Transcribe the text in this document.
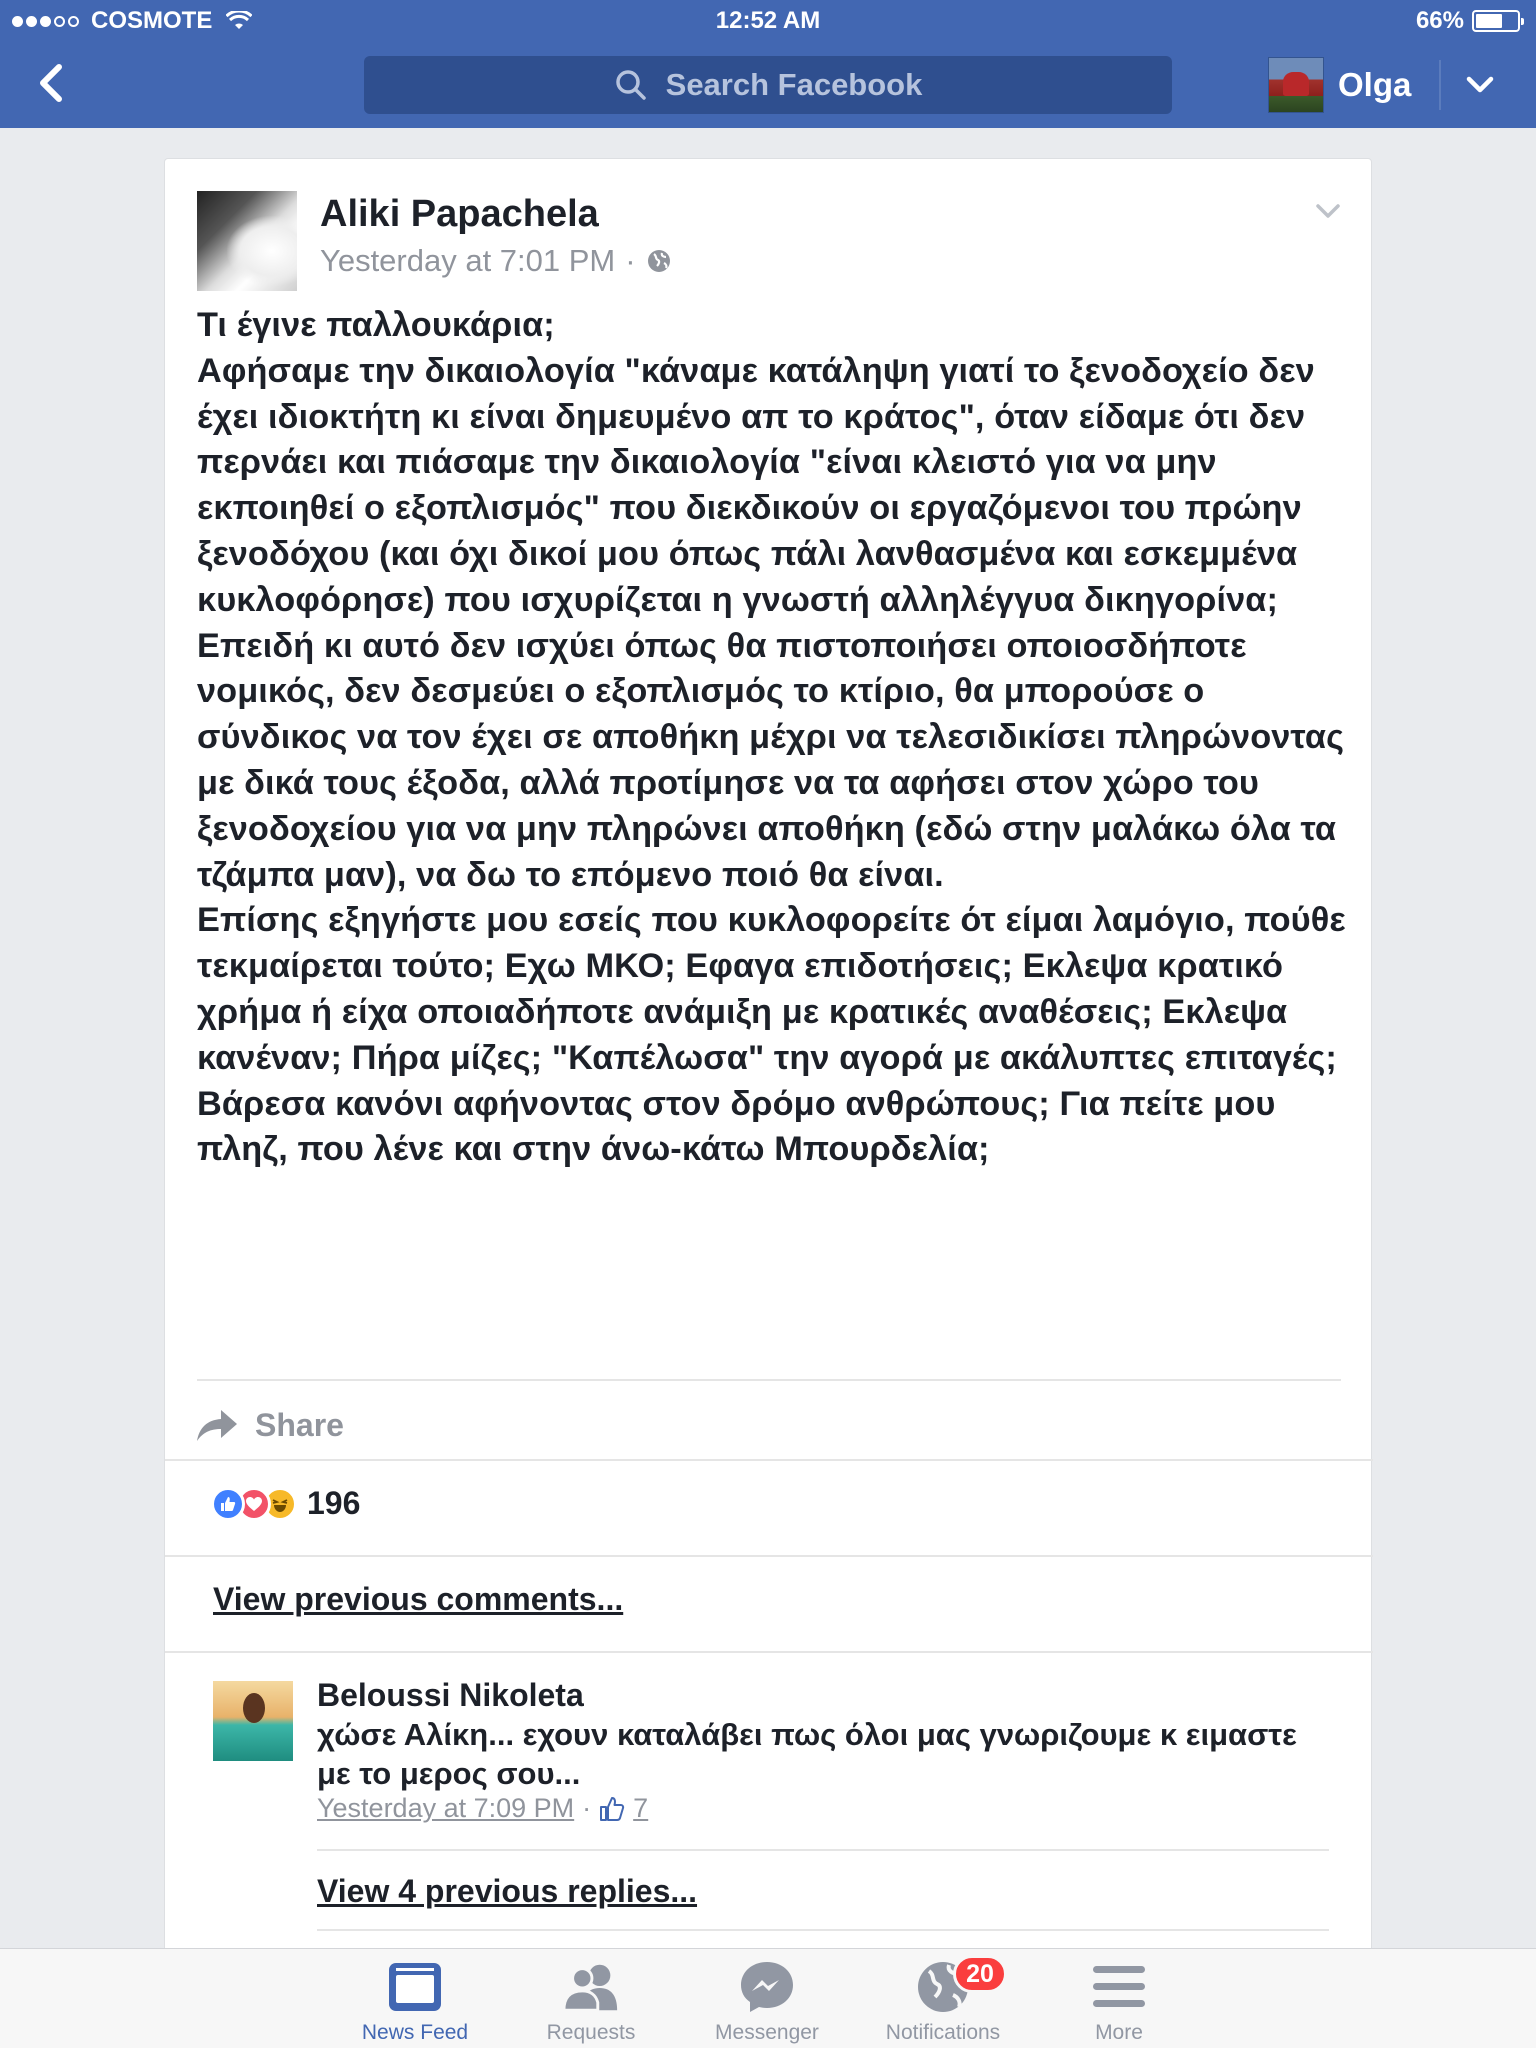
COSMOTE	12:52 AM	66%
Search Facebook	Olga
Aliki Papachela
Yesterday at 7:01 PM ·
Τι έγινε παλλουκάρια;
Αφήσαμε την δικαιολογία "κάναμε κατάληψη γιατί το ξενοδοχείο δεν έχει ιδιοκτήτη κι είναι δημευμένο απ το κράτος", όταν είδαμε ότι δεν περνάει και πιάσαμε την δικαιολογία "είναι κλειστό για να μην εκποιηθεί ο εξοπλισμός" που διεκδικούν οι εργαζόμενοι του πρώην ξενοδόχου (και όχι δικοί μου όπως πάλι λανθασμένα και εσκεμμένα κυκλοφόρησε) που ισχυρίζεται η γνωστή αλληλέγγυα δικηγορίνα;
Επειδή κι αυτό δεν ισχύει όπως θα πιστοποιήσει οποιοσδήποτε νομικός, δεν δεσμεύει ο εξοπλισμός το κτίριο, θα μπορούσε ο σύνδικος να τον έχει σε αποθήκη μέχρι να τελεσιδικίσει πληρώνοντας με δικά τους έξοδα, αλλά προτίμησε να τα αφήσει στον χώρο του ξενοδοχείου για να μην πληρώνει αποθήκη (εδώ στην μαλάκω όλα τα τζάμπα μαν), να δω το επόμενο ποιό θα είναι.
Επίσης εξηγήστε μου εσείς που κυκλοφορείτε ότ είμαι λαμόγιο, πούθε τεκμαίρεται τούτο; Εχω ΜΚΟ; Εφαγα επιδοτήσεις; Εκλεψα κρατικό χρήμα ή είχα οποιαδήποτε ανάμιξη με κρατικές αναθέσεις; Εκλεψα κανέναν; Πήρα μίζες; "Καπέλωσα" την αγορά με ακάλυπτες επιταγές; Βάρεσα κανόνι αφήνοντας στον δρόμο ανθρώπους; Για πείτε μου πληζ, που λένε και στην άνω-κάτω Μπουρδελία;
Share
196
View previous comments...
Beloussi Nikoleta
χώσε Αλίκη... εχουν καταλάβει πως όλοι μας γνωριζουμε κ ειμαστε με το μερος σου...
Yesterday at 7:09 PM · 7
View 4 previous replies...
News Feed	Requests	Messenger
20
Notifications	More
